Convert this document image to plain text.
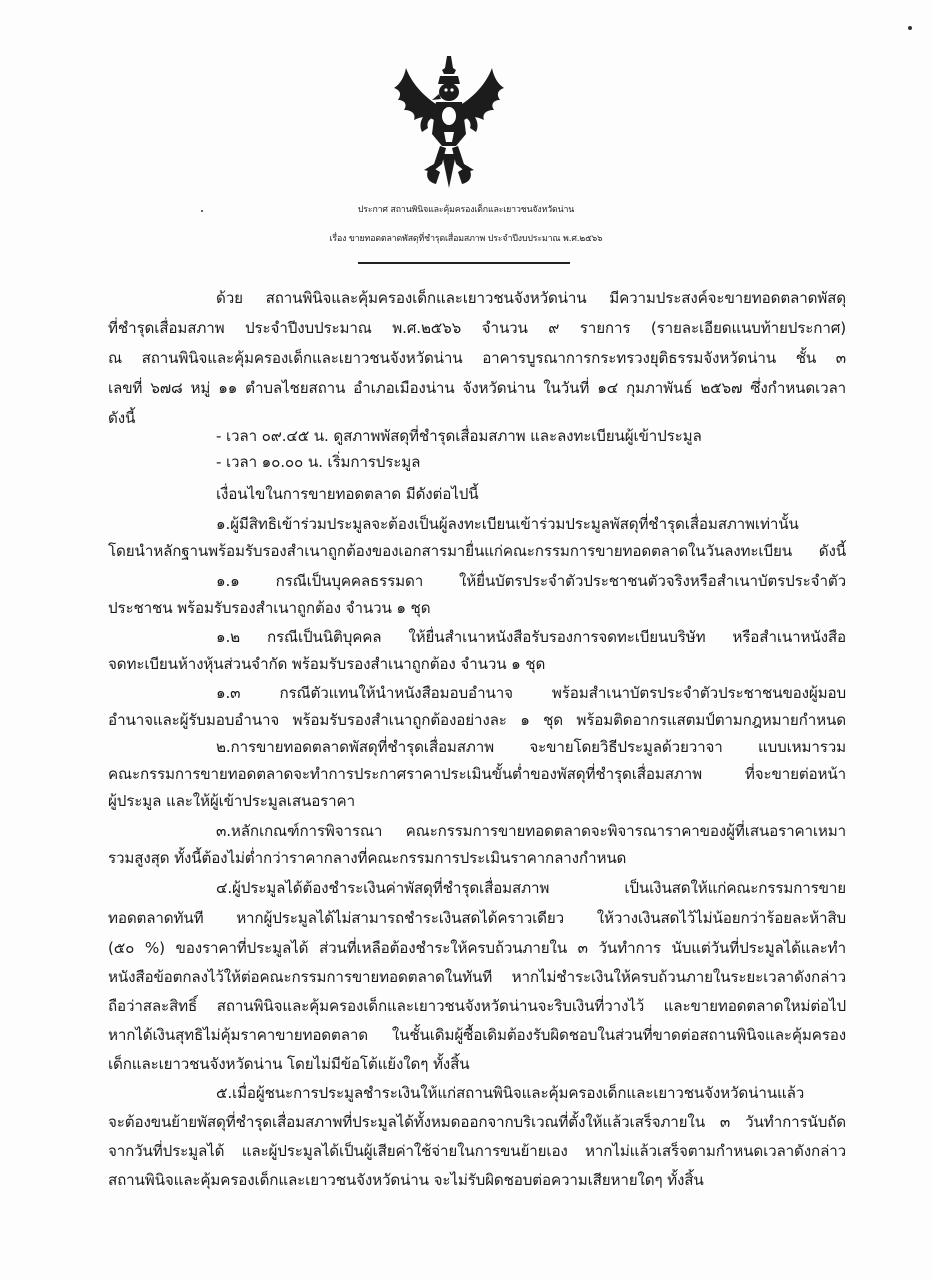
ประกาศ สถานพินิจและคุ้มครองเด็กและเยาวชนจังหวัดน่าน
เรื่อง ขายทอดตลาดพัสดุที่ชำรุดเสื่อมสภาพ ประจำปีงบประมาณ พ.ศ.๒๕๖๖
ด้วย สถานพินิจและคุ้มครองเด็กและเยาวชนจังหวัดน่าน มีความประสงค์จะขายทอดตลาดพัสดุ
ที่ชำรุดเสื่อมสภาพ ประจำปีงบประมาณ พ.ศ.๒๕๖๖ จำนวน ๙ รายการ (รายละเอียดแนบท้ายประกาศ)
ณ สถานพินิจและคุ้มครองเด็กและเยาวชนจังหวัดน่าน อาคารบูรณาการกระทรวงยุติธรรมจังหวัดน่าน ชั้น ๓
เลขที่ ๖๗๘ หมู่ ๑๑ ตำบลไชยสถาน อำเภอเมืองน่าน จังหวัดน่าน ในวันที่ ๑๔ กุมภาพันธ์ ๒๕๖๗ ซึ่งกำหนดเวลา
ดังนี้
- เวลา ๐๙.๔๕ น. ดูสภาพพัสดุที่ชำรุดเสื่อมสภาพ และลงทะเบียนผู้เข้าประมูล
- เวลา ๑๐.๐๐ น. เริ่มการประมูล
เงื่อนไขในการขายทอดตลาด มีดังต่อไปนี้
๑.ผู้มีสิทธิเข้าร่วมประมูลจะต้องเป็นผู้ลงทะเบียนเข้าร่วมประมูลพัสดุที่ชำรุดเสื่อมสภาพเท่านั้น
โดยนำหลักฐานพร้อมรับรองสำเนาถูกต้องของเอกสารมายื่นแก่คณะกรรมการขายทอดตลาดในวันลงทะเบียน ดังนี้
๑.๑ กรณีเป็นบุคคลธรรมดา ให้ยื่นบัตรประจำตัวประชาชนตัวจริงหรือสำเนาบัตรประจำตัว
ประชาชน พร้อมรับรองสำเนาถูกต้อง จำนวน ๑ ชุด
๑.๒ กรณีเป็นนิติบุคคล ให้ยื่นสำเนาหนังสือรับรองการจดทะเบียนบริษัท หรือสำเนาหนังสือ
จดทะเบียนห้างหุ้นส่วนจำกัด พร้อมรับรองสำเนาถูกต้อง จำนวน ๑ ชุด
๑.๓ กรณีตัวแทนให้นำหนังสือมอบอำนาจ พร้อมสำเนาบัตรประจำตัวประชาชนของผู้มอบ
อำนาจและผู้รับมอบอำนาจ พร้อมรับรองสำเนาถูกต้องอย่างละ ๑ ชุด พร้อมติดอากรแสตมป์ตามกฎหมายกำหนด
๒.การขายทอดตลาดพัสดุที่ชำรุดเสื่อมสภาพ จะขายโดยวิธีประมูลด้วยวาจา แบบเหมารวม
คณะกรรมการขายทอดตลาดจะทำการประกาศราคาประเมินขั้นต่ำของพัสดุที่ชำรุดเสื่อมสภาพ ที่จะขายต่อหน้า
ผู้ประมูล และให้ผู้เข้าประมูลเสนอราคา
๓.หลักเกณฑ์การพิจารณา คณะกรรมการขายทอดตลาดจะพิจารณาราคาของผู้ที่เสนอราคาเหมา
รวมสูงสุด ทั้งนี้ต้องไม่ต่ำกว่าราคากลางที่คณะกรรมการประเมินราคากลางกำหนด
๔.ผู้ประมูลได้ต้องชำระเงินค่าพัสดุที่ชำรุดเสื่อมสภาพ เป็นเงินสดให้แก่คณะกรรมการขาย
ทอดตลาดทันที หากผู้ประมูลได้ไม่สามารถชำระเงินสดได้คราวเดียว ให้วางเงินสดไว้ไม่น้อยกว่าร้อยละห้าสิบ
(๕๐ %) ของราคาที่ประมูลได้ ส่วนที่เหลือต้องชำระให้ครบถ้วนภายใน ๓ วันทำการ นับแต่วันที่ประมูลได้และทำ
หนังสือข้อตกลงไว้ให้ต่อคณะกรรมการขายทอดตลาดในทันที หากไม่ชำระเงินให้ครบถ้วนภายในระยะเวลาดังกล่าว
ถือว่าสละสิทธิ์ สถานพินิจและคุ้มครองเด็กและเยาวชนจังหวัดน่านจะริบเงินที่วางไว้ และขายทอดตลาดใหม่ต่อไป
หากได้เงินสุทธิไม่คุ้มราคาขายทอดตลาด ในชั้นเดิมผู้ซื้อเดิมต้องรับผิดชอบในส่วนที่ขาดต่อสถานพินิจและคุ้มครอง
เด็กและเยาวชนจังหวัดน่าน โดยไม่มีข้อโต้แย้งใดๆ ทั้งสิ้น
๕.เมื่อผู้ชนะการประมูลชำระเงินให้แก่สถานพินิจและคุ้มครองเด็กและเยาวชนจังหวัดน่านแล้ว
จะต้องขนย้ายพัสดุที่ชำรุดเสื่อมสภาพที่ประมูลได้ทั้งหมดออกจากบริเวณที่ตั้งให้แล้วเสร็จภายใน ๓ วันทำการนับถัด
จากวันที่ประมูลได้ และผู้ประมูลได้เป็นผู้เสียค่าใช้จ่ายในการขนย้ายเอง หากไม่แล้วเสร็จตามกำหนดเวลาดังกล่าว
สถานพินิจและคุ้มครองเด็กและเยาวชนจังหวัดน่าน จะไม่รับผิดชอบต่อความเสียหายใดๆ ทั้งสิ้น
